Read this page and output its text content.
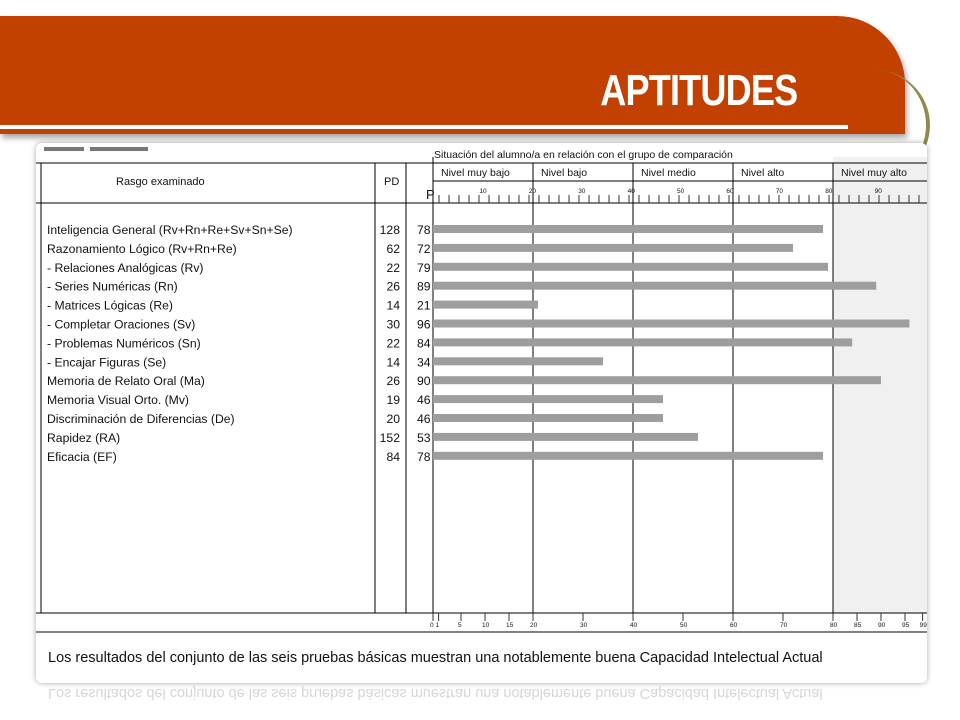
APTITUDES
Situación del alumno/a en relación con el grupo de comparación
Rasgo examinado	PD
P
Nivel muy bajo	Nivel bajo	Nivel medio	Nivel alto	Nivel muy alto
10	20	30	40	50	60	70	80	90
Inteligencia General (Rv+Rn+Re+Sv+Sn+Se)	128 78
Razonamiento Lógico (Rv+Rn+Re)	62 72
- Relaciones Analógicas (Rv)	22 79
- Series Numéricas (Rn)	26 89
- Matrices Lógicas (Re)	14 21
- Completar Oraciones (Sv)	30 96
- Problemas Numéricos (Sn)	22 84
- Encajar Figuras (Se)	14 34
Memoria de Relato Oral (Ma)	26 90
Memoria Visual Orto. (Mv)	19 46
Discriminación de Diferencias (De)	20 46
Rapidez (RA)	152 53
Eficacia (EF)	84 78
0 1	5	10	15	20	30	40	50	60	70	80	85	90	95 99
Los resultados del conjunto de las seis pruebas básicas muestran una notablemente buena Capacidad Intelectual Actual
Los resultados del conjunto de las seis pruebas básicas muestran una notablemente buena Capacidad Intelectual Actual
